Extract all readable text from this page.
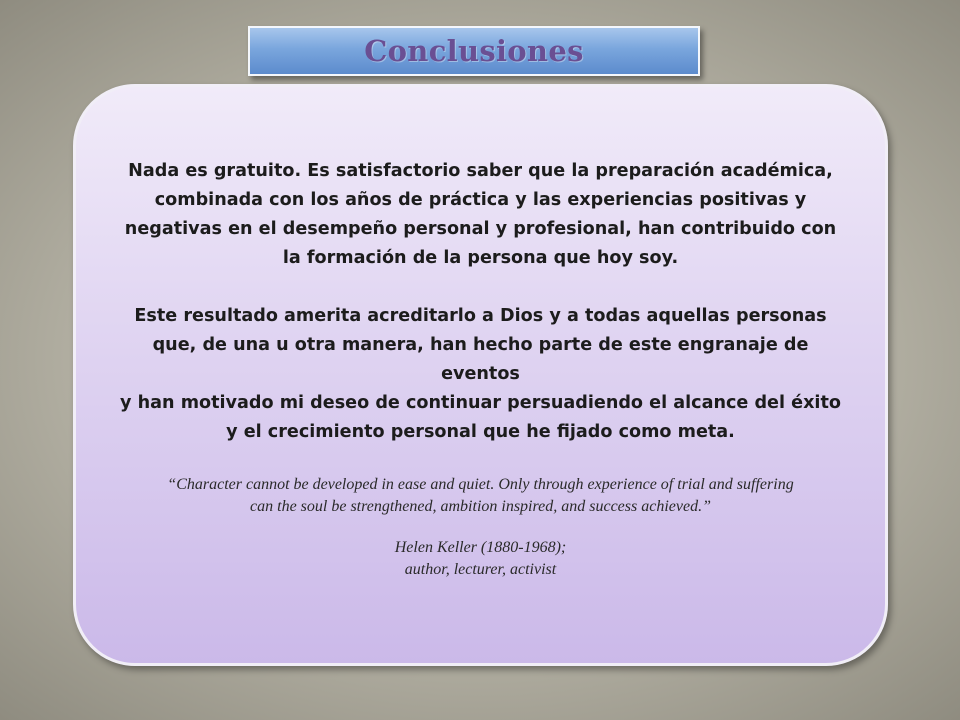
Conclusiones

Nada es gratuito. Es satisfactorio saber que la preparación académica,
combinada con los años de práctica y las experiencias positivas y
negativas en el desempeño personal y profesional, han contribuido con
la formación de la persona que hoy soy.

Este resultado amerita acreditarlo a Dios y a todas aquellas personas
que, de una u otra manera, han hecho parte de este engranaje de eventos
y han motivado mi deseo de continuar persuadiendo el alcance del éxito
y el crecimiento personal que he fijado como meta.

“Character cannot be developed in ease and quiet. Only through experience of trial and suffering
can the soul be strengthened, ambition inspired, and success achieved.”

Helen Keller (1880-1968);
author, lecturer, activist
